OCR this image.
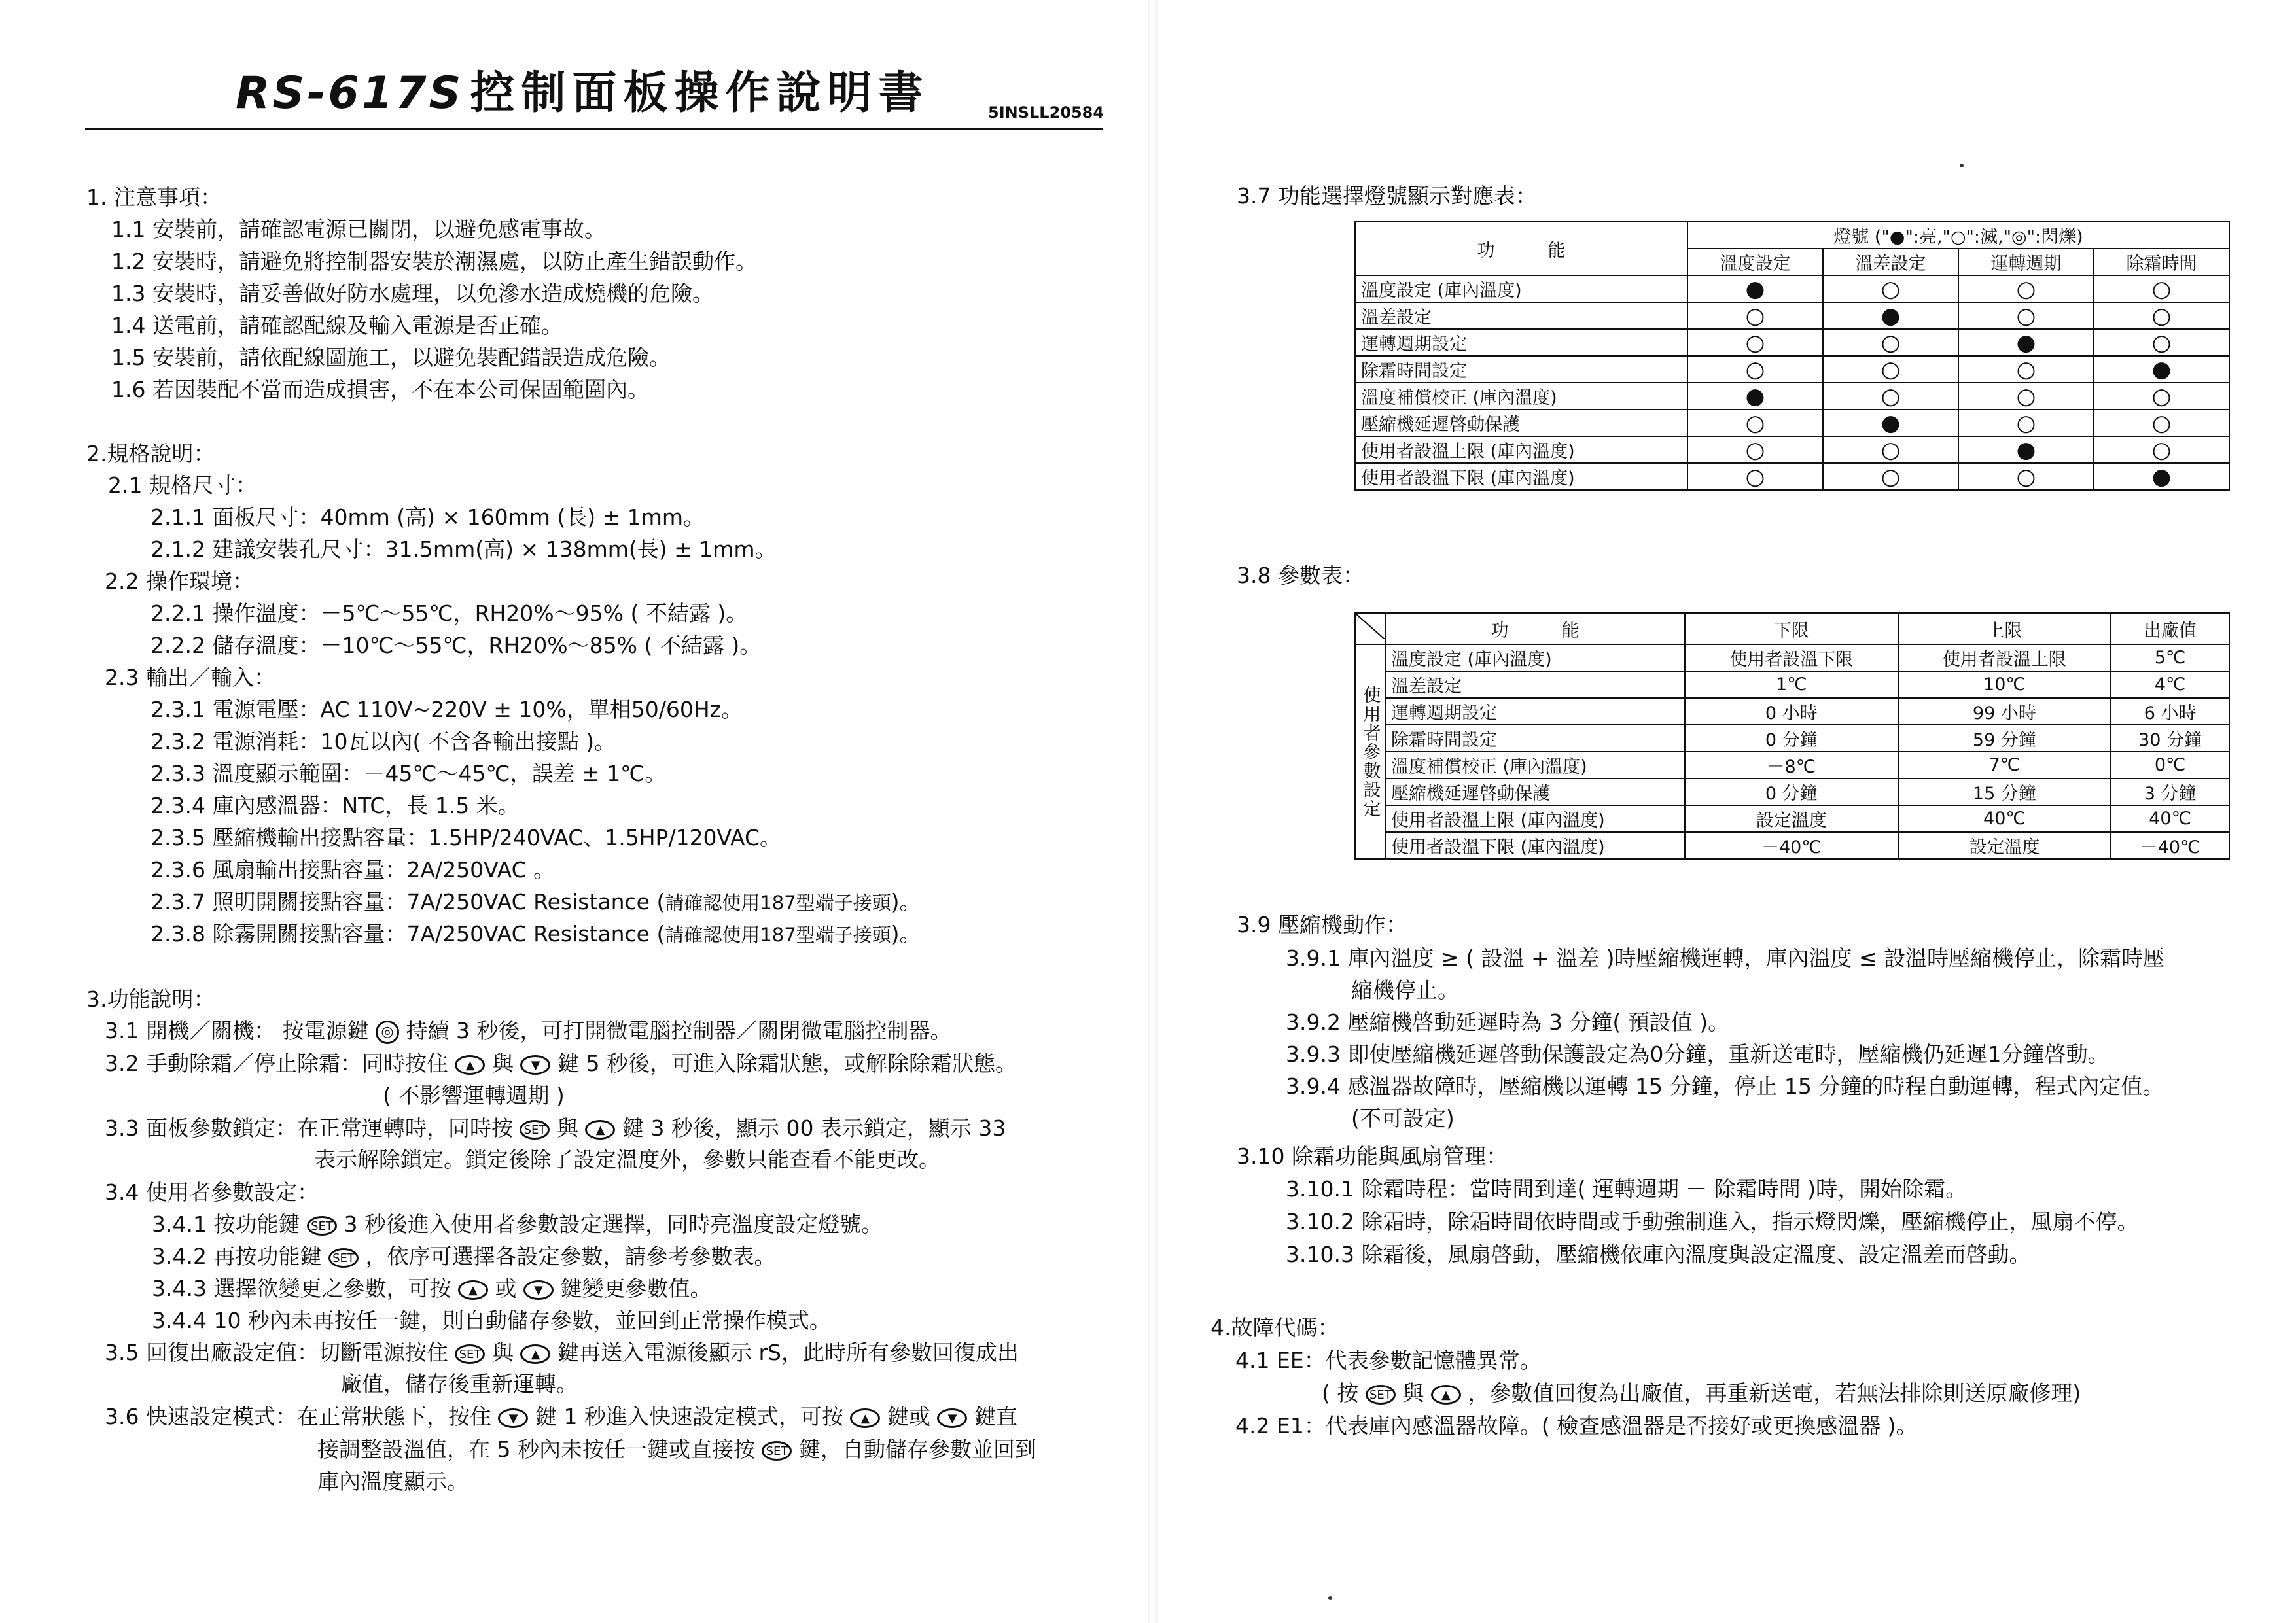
RS-617S 控制面板操作說明書	5INSLL20584
1. 注意事項：
1.1 安裝前，請確認電源已關閉，以避免感電事故。
1.2 安裝時，請避免將控制器安裝於潮濕處，以防止產生錯誤動作。
1.3 安裝時，請妥善做好防水處理，以免滲水造成燒機的危險。
1.4 送電前，請確認配線及輸入電源是否正確。
1.5 安裝前，請依配線圖施工，以避免裝配錯誤造成危險。
1.6 若因裝配不當而造成損害，不在本公司保固範圍內。
2.規格說明：
2.1 規格尺寸：
2.1.1 面板尺寸：40mm (高) × 160mm (長) ± 1mm。
2.1.2 建議安裝孔尺寸：31.5mm(高) × 138mm(長) ± 1mm。
2.2 操作環境：
2.2.1 操作溫度：－5℃～55℃，RH20%～95% ( 不結露 )。
2.2.2 儲存溫度：－10℃～55℃，RH20%～85% ( 不結露 )。
2.3 輸出／輸入：
2.3.1 電源電壓：AC 110V~220V ± 10%，單相50/60Hz。
2.3.2 電源消耗：10瓦以內( 不含各輸出接點 )。
2.3.3 溫度顯示範圍：－45℃～45℃，誤差 ± 1℃。
2.3.4 庫內感溫器：NTC，長 1.5 米。
2.3.5 壓縮機輸出接點容量：1.5HP/240VAC、1.5HP/120VAC。
2.3.6 風扇輸出接點容量：2A/250VAC 。
2.3.7 照明開關接點容量：7A/250VAC Resistance (請確認使用187型端子接頭)。
2.3.8 除霧開關接點容量：7A/250VAC Resistance (請確認使用187型端子接頭)。
3.功能說明：
3.1 開機／關機： 按電源鍵 ◎ 持續 3 秒後，可打開微電腦控制器／關閉微電腦控制器。
3.2 手動除霜／停止除霜：同時按住 ▲ 與 ▼ 鍵 5 秒後，可進入除霜狀態，或解除除霜狀態。
( 不影響運轉週期 )
3.3 面板參數鎖定：在正常運轉時，同時按 SET 與 ▲ 鍵 3 秒後，顯示 00 表示鎖定，顯示 33
表示解除鎖定。鎖定後除了設定溫度外，參數只能查看不能更改。
3.4 使用者參數設定：
3.4.1 按功能鍵 SET 3 秒後進入使用者參數設定選擇，同時亮溫度設定燈號。
3.4.2 再按功能鍵 SET ，依序可選擇各設定參數，請參考參數表。
3.4.3 選擇欲變更之參數，可按 ▲ 或 ▼ 鍵變更參數值。
3.4.4 10 秒內未再按任一鍵，則自動儲存參數，並回到正常操作模式。
3.5 回復出廠設定值：切斷電源按住 SET 與 ▲ 鍵再送入電源後顯示 rS，此時所有參數回復成出
廠值，儲存後重新運轉。
3.6 快速設定模式：在正常狀態下，按住 ▼ 鍵 1 秒進入快速設定模式，可按 ▲ 鍵或 ▼ 鍵直
接調整設溫值，在 5 秒內未按任一鍵或直接按 SET 鍵，自動儲存參數並回到
庫內溫度顯示。
3.7 功能選擇燈號顯示對應表：
功　　　能	燈號 ("●":亮,"○":滅,"◎":閃爍)			
	溫度設定	溫差設定	運轉週期	除霜時間
溫度設定 (庫內溫度)	●	○	○	○
溫差設定	○	●	○	○
運轉週期設定	○	○	●	○
除霜時間設定	○	○	○	●
溫度補償校正 (庫內溫度)	●	○	○	○
壓縮機延遲啓動保護	○	●	○	○
使用者設溫上限 (庫內溫度)	○	○	●	○
使用者設溫下限 (庫內溫度)	○	○	○	●
3.8 參數表：
	功　　　能	下限	上限	出廠值
使用者參數設定	溫度設定 (庫內溫度)	使用者設溫下限	使用者設溫上限	5℃
	溫差設定	1℃	10℃	4℃
	運轉週期設定	0 小時	99 小時	6 小時
	除霜時間設定	0 分鐘	59 分鐘	30 分鐘
	溫度補償校正 (庫內溫度)	－8℃	7℃	0℃
	壓縮機延遲啓動保護	0 分鐘	15 分鐘	3 分鐘
	使用者設溫上限 (庫內溫度)	設定溫度	40℃	40℃
	使用者設溫下限 (庫內溫度)	－40℃	設定溫度	－40℃
3.9 壓縮機動作：
3.9.1 庫內溫度 ≥ ( 設溫 + 溫差 )時壓縮機運轉，庫內溫度 ≤ 設溫時壓縮機停止，除霜時壓
縮機停止。
3.9.2 壓縮機啓動延遲時為 3 分鐘( 預設值 )。
3.9.3 即使壓縮機延遲啓動保護設定為0分鐘，重新送電時，壓縮機仍延遲1分鐘啓動。
3.9.4 感溫器故障時，壓縮機以運轉 15 分鐘，停止 15 分鐘的時程自動運轉，程式內定值。
(不可設定)
3.10 除霜功能與風扇管理：
3.10.1 除霜時程：當時間到達( 運轉週期 － 除霜時間 )時，開始除霜。
3.10.2 除霜時，除霜時間依時間或手動強制進入，指示燈閃爍，壓縮機停止，風扇不停。
3.10.3 除霜後，風扇啓動，壓縮機依庫內溫度與設定溫度、設定溫差而啓動。
4.故障代碼：
4.1 EE：代表參數記憶體異常。
( 按 SET 與 ▲ ，參數值回復為出廠值，再重新送電，若無法排除則送原廠修理)
4.2 E1：代表庫內感溫器故障。( 檢查感溫器是否接好或更換感溫器 )。
